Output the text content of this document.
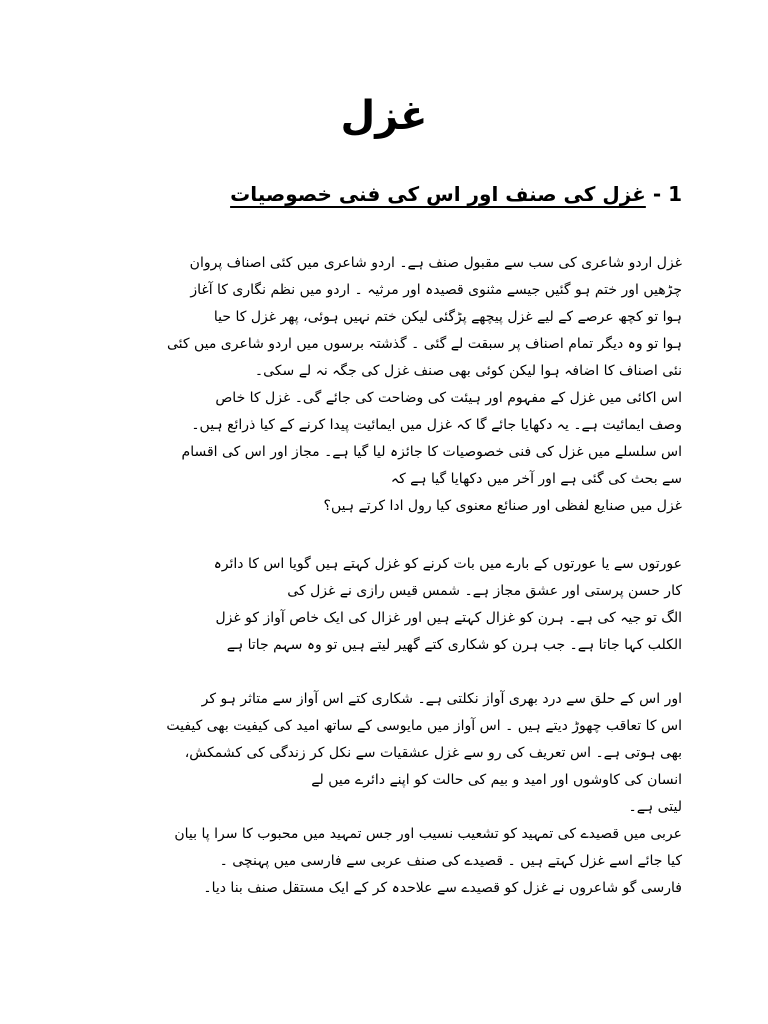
غزل
1 - غزل کی صنف اور اس کی فنی خصوصیات
غزل اردو شاعری کی سب سے مقبول صنف ہے۔ اردو شاعری میں کئی اصناف پروان
چڑھیں اور ختم ہو گئیں جیسے مثنوی قصیدہ اور مرثیہ ۔ اردو میں نظم نگاری کا آغاز
ہوا تو کچھ عرصے کے لیے غزل پیچھے پڑگئی لیکن ختم نہیں ہوئی، پھر غزل کا حیا
ہوا تو وہ دیگر تمام اصناف پر سبقت لے گئی ۔ گذشتہ برسوں میں اردو شاعری میں کئی
نئی اصناف کا اضافہ ہوا لیکن کوئی بھی صنف غزل کی جگہ نہ لے سکی۔
اس اکائی میں غزل کے مفہوم اور ہیئت کی وضاحت کی جائے گی۔ غزل کا خاص
وصف ایمائیت ہے۔ یہ دکھایا جائے گا کہ غزل میں ایمائیت پیدا کرنے کے کیا ذرائع ہیں۔
اس سلسلے میں غزل کی فنی خصوصیات کا جائزہ لیا گیا ہے۔ مجاز اور اس کی اقسام
سے بحث کی گئی ہے اور آخر میں دکھایا گیا ہے کہ
غزل میں صنایع لفظی اور صنائع معنوی کیا رول ادا کرتے ہیں؟
عورتوں سے یا عورتوں کے بارے میں بات کرنے کو غزل کہتے ہیں گویا اس کا دائرہ
کار حسن پرستی اور عشق مجاز ہے۔ شمس قیس رازی نے غزل کی
الگ تو جیہ کی ہے۔ ہرن کو غزال کہتے ہیں اور غزال کی ایک خاص آواز کو غزل
الکلب کہا جاتا ہے۔ جب ہرن کو شکاری کتے گھیر لیتے ہیں تو وہ سہم جاتا ہے
اور اس کے حلق سے درد بھری آواز نکلتی ہے۔ شکاری کتے اس آواز سے متاثر ہو کر
اس کا تعاقب چھوڑ دیتے ہیں ۔ اس آواز میں مایوسی کے ساتھ امید کی کیفیت بھی کیفیت
بھی ہوتی ہے۔ اس تعریف کی رو سے غزل عشقیات سے نکل کر زندگی کی کشمکش،
انسان کی کاوشوں اور امید و بیم کی حالت کو اپنے دائرے میں لے
لیتی ہے۔
عربی میں قصیدے کی تمہید کو تشعیب نسیب اور جس تمہید میں محبوب کا سرا پا بیان
کیا جائے اسے غزل کہتے ہیں ۔ قصیدے کی صنف عربی سے فارسی میں پہنچی ۔
فارسی گو شاعروں نے غزل کو قصیدے سے علاحدہ کر کے ایک مستقل صنف بنا دیا۔
